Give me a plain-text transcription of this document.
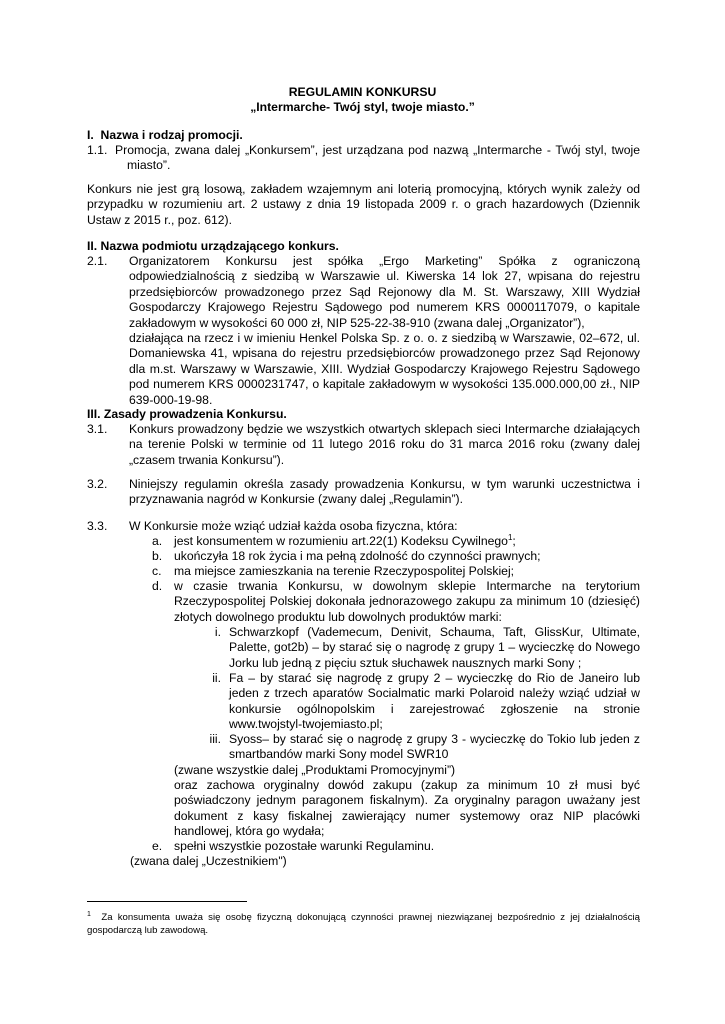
REGULAMIN KONKURSU
„Intermarche- Twój styl, twoje miasto.”
I.  Nazwa i rodzaj promocji.
1.1. Promocja, zwana dalej „Konkursem”, jest urządzana pod nazwą „Intermarche - Twój styl, twoje miasto”.
Konkurs nie jest grą losową, zakładem wzajemnym ani loterią promocyjną, których wynik zależy od przypadku w rozumieniu art. 2 ustawy z dnia 19 listopada 2009 r. o grach hazardowych (Dziennik Ustaw z 2015 r., poz. 612).
II. Nazwa podmiotu urządzającego konkurs.
2.1. Organizatorem Konkursu jest spółka „Ergo Marketing” Spółka z ograniczoną odpowiedzialnością z siedzibą w Warszawie ul. Kiwerska 14 lok 27, wpisana do rejestru przedsiębiorców prowadzonego przez Sąd Rejonowy dla M. St. Warszawy, XIII Wydział Gospodarczy Krajowego Rejestru Sądowego pod numerem KRS 0000117079, o kapitale zakładowym w wysokości 60 000 zł, NIP 525-22-38-910 (zwana dalej „Organizator”),
działająca na rzecz i w imieniu Henkel Polska Sp. z o. o. z siedzibą w Warszawie, 02–672, ul. Domaniewska 41, wpisana do rejestru przedsiębiorców prowadzonego przez Sąd Rejonowy dla m.st. Warszawy w Warszawie, XIII. Wydział Gospodarczy Krajowego Rejestru Sądowego pod numerem KRS 0000231747, o kapitale zakładowym w wysokości 135.000.000,00 zł., NIP 639-000-19-98.
III. Zasady prowadzenia Konkursu.
3.1. Konkurs prowadzony będzie we wszystkich otwartych sklepach sieci Intermarche działających na terenie Polski w terminie od 11 lutego 2016 roku do 31 marca 2016 roku (zwany dalej „czasem trwania Konkursu”).
3.2. Niniejszy regulamin określa zasady prowadzenia Konkursu, w tym warunki uczestnictwa i przyznawania nagród w Konkursie (zwany dalej „Regulamin”).
3.3. W Konkursie może wziąć udział każda osoba fizyczna, która:
a. jest konsumentem w rozumieniu art.22(1) Kodeksu Cywilnego$^1$;
b. ukończyła 18 rok życia i ma pełną zdolność do czynności prawnych;
c. ma miejsce zamieszkania na terenie Rzeczypospolitej Polskiej;
d. w czasie trwania Konkursu, w dowolnym sklepie Intermarche na terytorium Rzeczypospolitej Polskiej dokonała jednorazowego zakupu za minimum 10 (dziesięć) złotych dowolnego produktu lub dowolnych produktów marki:
i. Schwarzkopf (Vademecum, Denivit, Schauma, Taft, GlissKur, Ultimate, Palette, got2b) – by starać się o nagrodę z grupy 1 – wycieczkę do Nowego Jorku lub jedną z pięciu sztuk słuchawek nausznych marki Sony ;
ii. Fa – by starać się nagrodę z grupy 2 – wycieczkę do Rio de Janeiro lub jeden z trzech aparatów Socialmatic marki Polaroid należy wziąć udział w konkursie ogólnopolskim i zarejestrować zgłoszenie na stronie www.twojstyl-twojemiasto.pl;
iii. Syoss– by starać się o nagrodę z grupy 3 - wycieczkę do Tokio lub jeden z smartbandów marki Sony model SWR10
(zwane wszystkie dalej „Produktami Promocyjnymi”)
oraz zachowa oryginalny dowód zakupu (zakup za minimum 10 zł musi być poświadczony jednym paragonem fiskalnym). Za oryginalny paragon uważany jest dokument z kasy fiskalnej zawierający numer systemowy oraz NIP placówki handlowej, która go wydała;
e. spełni wszystkie pozostałe warunki Regulaminu.
(zwana dalej „Uczestnikiem")
$^1$ Za konsumenta uważa się osobę fizyczną dokonującą czynności prawnej niezwiązanej bezpośrednio z jej działalnością gospodarczą lub zawodową.
